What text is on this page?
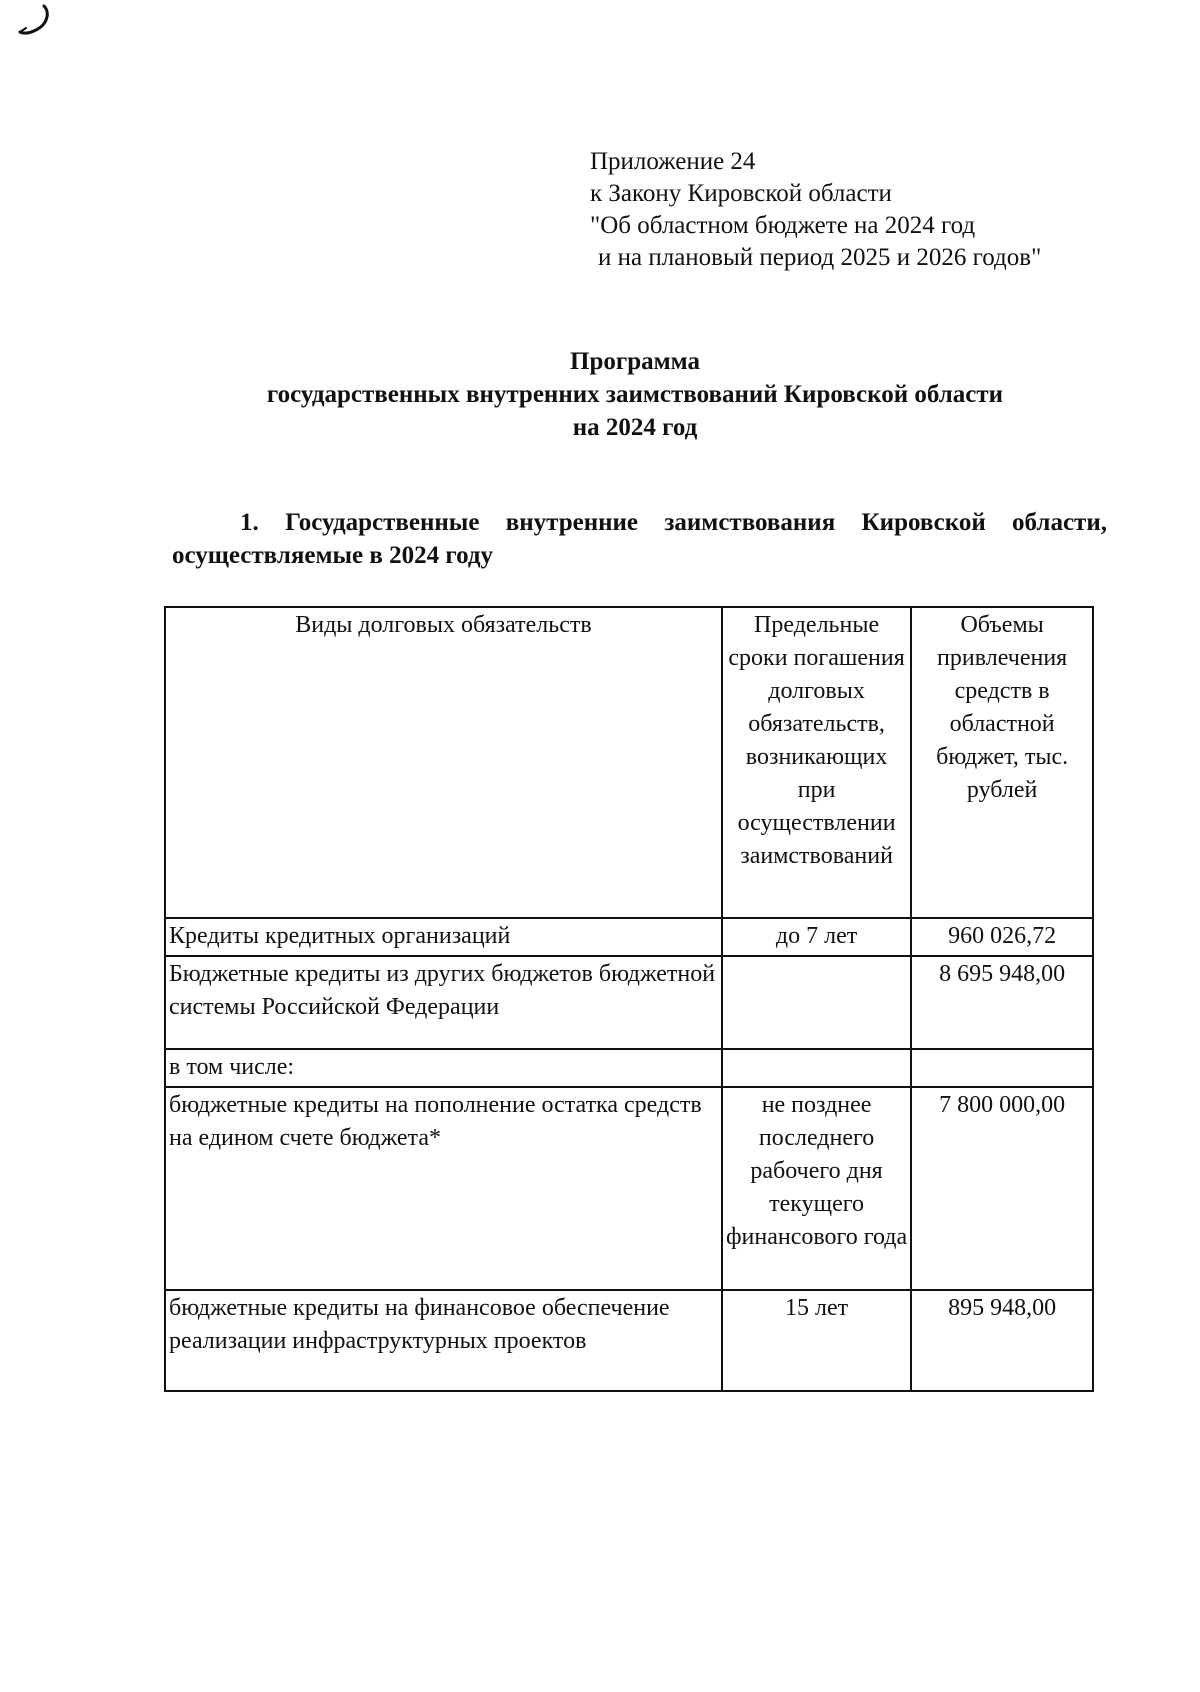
Приложение 24
к Закону Кировской области
"Об областном бюджете на 2024 год
и на плановый период 2025 и 2026 годов"
Программа
государственных внутренних заимствований Кировской области
на 2024 год
1. Государственные внутренние заимствования Кировской области,
осуществляемые в 2024 году
Виды долговых обязательств	Предельные сроки погашения долговых обязательств, возникающих при осуществлении заимствований	Объемы привлечения средств в областной бюджет, тыс. рублей
Кредиты кредитных организаций	до 7 лет	960 026,72
Бюджетные кредиты из других бюджетов бюджетной системы Российской Федерации		8 695 948,00
в том числе:		
бюджетные кредиты на пополнение остатка средств на едином счете бюджета*	не позднее последнего рабочего дня текущего финансового года	7 800 000,00
бюджетные кредиты на финансовое обеспечение реализации инфраструктурных проектов	15 лет	895 948,00
